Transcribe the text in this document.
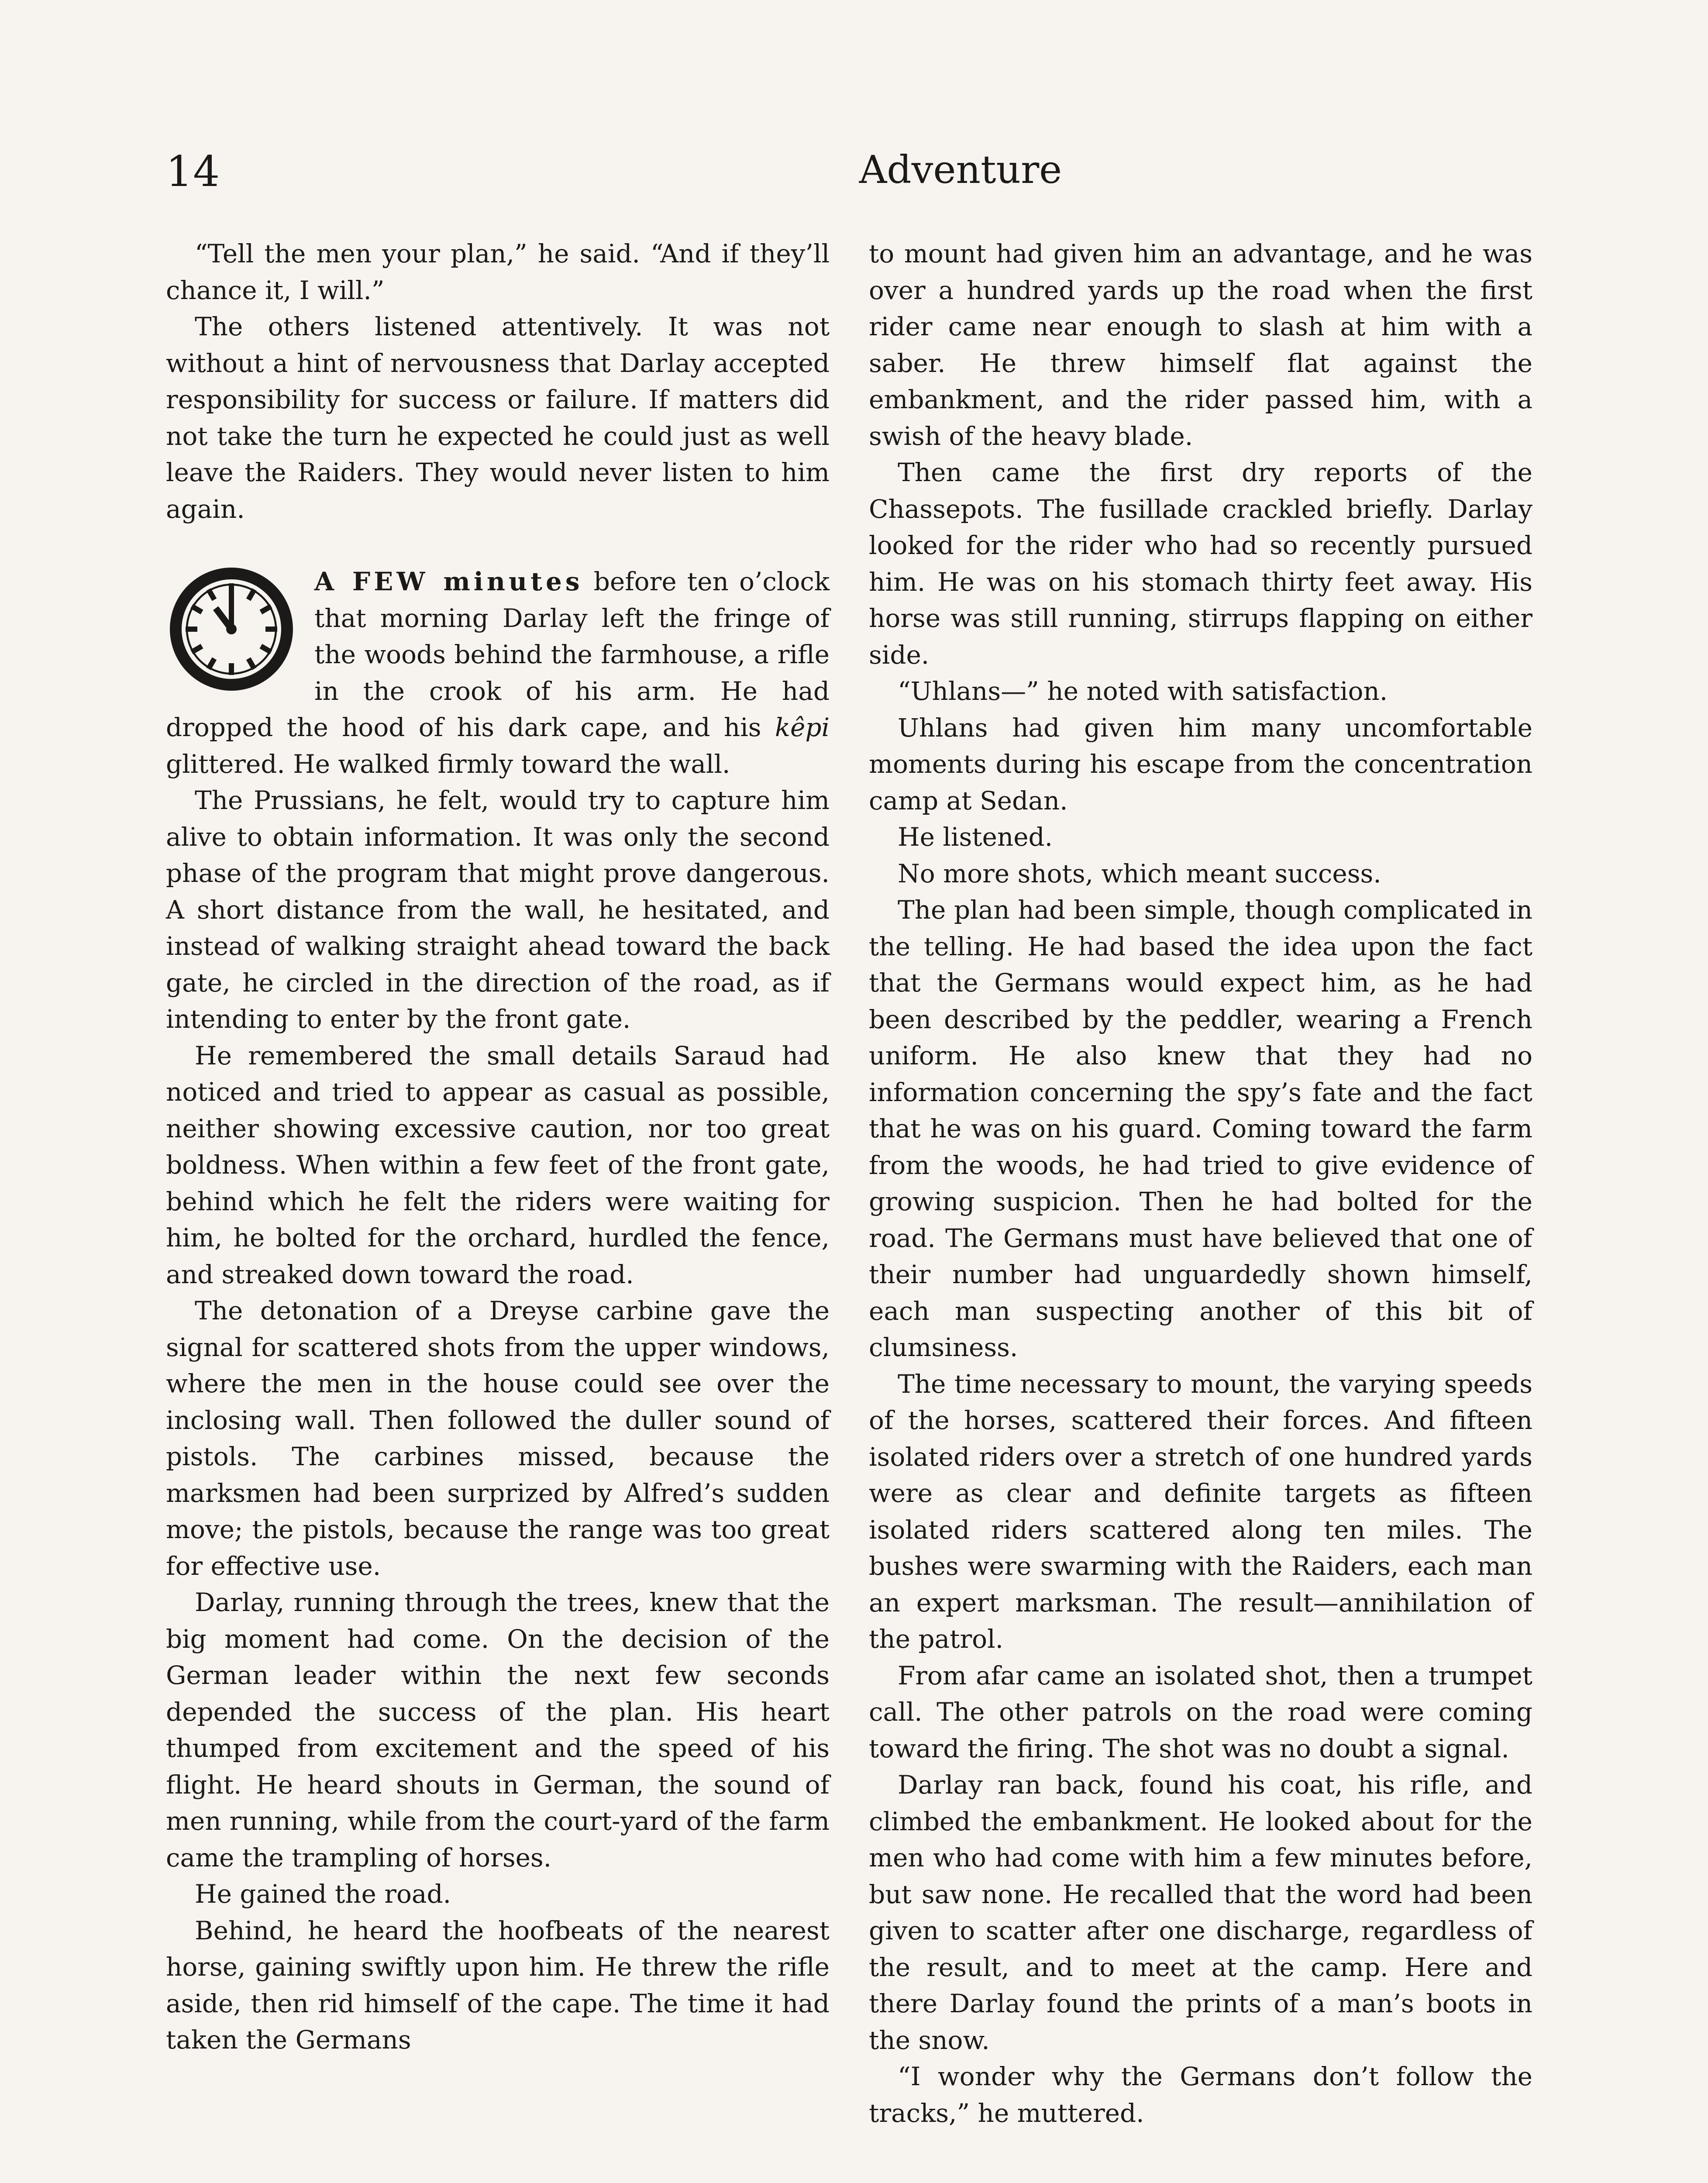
14	Adventure

“Tell the men your plan,” he said. “And if they’ll chance it, I will.”

The others listened attentively. It was not without a hint of nervousness that Darlay accepted responsibility for success or failure. If matters did not take the turn he expected he could just as well leave the Raiders. They would never listen to him again.

A FEW minutes before ten o’clock that morning Darlay left the fringe of the woods behind the farmhouse, a rifle in the crook of his arm. He had dropped the hood of his dark cape, and his kêpi glittered. He walked firmly toward the wall.

The Prussians, he felt, would try to capture him alive to obtain information. It was only the second phase of the program that might prove dangerous. A short distance from the wall, he hesitated, and instead of walking straight ahead toward the back gate, he circled in the direction of the road, as if intending to enter by the front gate.

He remembered the small details Saraud had noticed and tried to appear as casual as possible, neither showing excessive caution, nor too great boldness. When within a few feet of the front gate, behind which he felt the riders were waiting for him, he bolted for the orchard, hurdled the fence, and streaked down toward the road.

The detonation of a Dreyse carbine gave the signal for scattered shots from the upper windows, where the men in the house could see over the inclosing wall. Then followed the duller sound of pistols. The carbines missed, because the marksmen had been surprized by Alfred’s sudden move; the pistols, because the range was too great for effective use.

Darlay, running through the trees, knew that the big moment had come. On the decision of the German leader within the next few seconds depended the success of the plan. His heart thumped from excitement and the speed of his flight. He heard shouts in German, the sound of men running, while from the court-yard of the farm came the trampling of horses.

He gained the road.

Behind, he heard the hoofbeats of the nearest horse, gaining swiftly upon him. He threw the rifle aside, then rid himself of the cape. The time it had taken the Germans

to mount had given him an advantage, and he was over a hundred yards up the road when the first rider came near enough to slash at him with a saber. He threw himself flat against the embankment, and the rider passed him, with a swish of the heavy blade.

Then came the first dry reports of the Chassepots. The fusillade crackled briefly. Darlay looked for the rider who had so recently pursued him. He was on his stomach thirty feet away. His horse was still running, stirrups flapping on either side.

“Uhlans—” he noted with satisfaction.

Uhlans had given him many uncomfortable moments during his escape from the concentration camp at Sedan.

He listened.

No more shots, which meant success.

The plan had been simple, though complicated in the telling. He had based the idea upon the fact that the Germans would expect him, as he had been described by the peddler, wearing a French uniform. He also knew that they had no information concerning the spy’s fate and the fact that he was on his guard. Coming toward the farm from the woods, he had tried to give evidence of growing suspicion. Then he had bolted for the road. The Germans must have believed that one of their number had unguardedly shown himself, each man suspecting another of this bit of clumsiness.

The time necessary to mount, the varying speeds of the horses, scattered their forces. And fifteen isolated riders over a stretch of one hundred yards were as clear and definite targets as fifteen isolated riders scattered along ten miles. The bushes were swarming with the Raiders, each man an expert marksman. The result—annihilation of the patrol.

From afar came an isolated shot, then a trumpet call. The other patrols on the road were coming toward the firing. The shot was no doubt a signal.

Darlay ran back, found his coat, his rifle, and climbed the embankment. He looked about for the men who had come with him a few minutes before, but saw none. He recalled that the word had been given to scatter after one discharge, regardless of the result, and to meet at the camp. Here and there Darlay found the prints of a man’s boots in the snow.

“I wonder why the Germans don’t follow the tracks,” he muttered.
